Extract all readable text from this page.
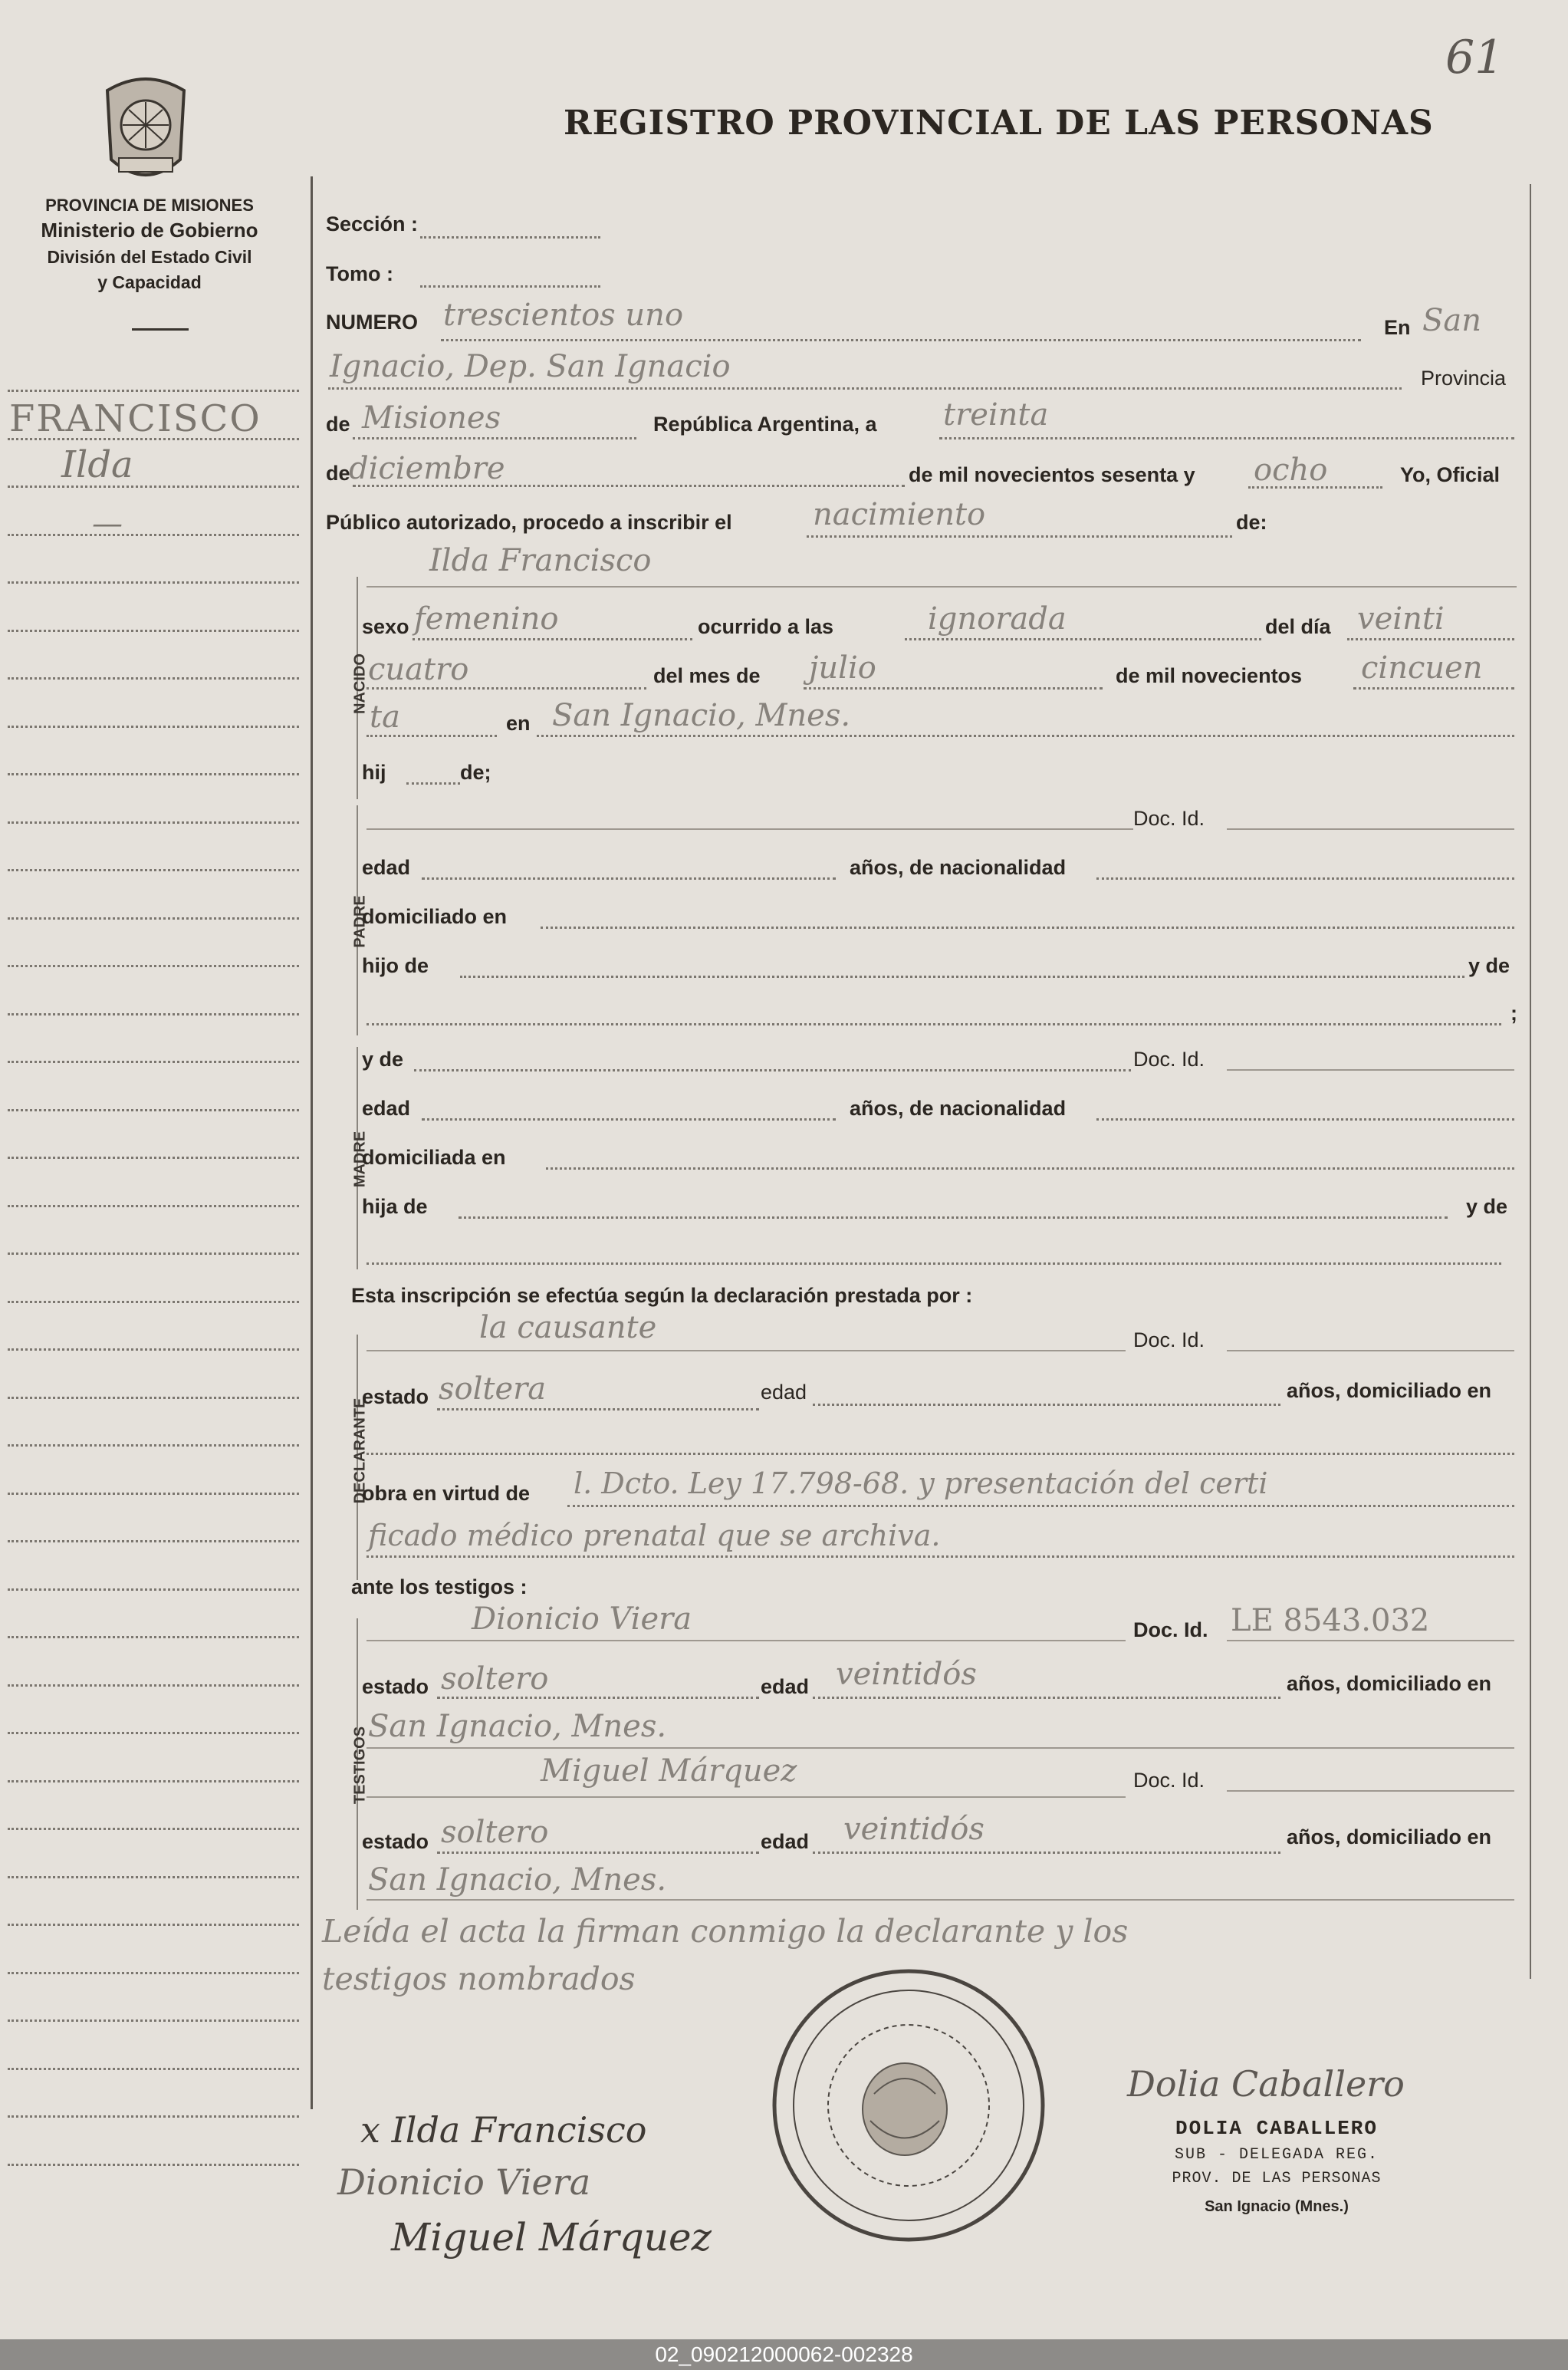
61
PROVINCIA DE MISIONES
Ministerio de Gobierno
División del Estado Civil
y Capacidad
REGISTRO PROVINCIAL DE LAS PERSONAS
FRANCISCO
Ilda
—
Sección :
Tomo :
NUMERO trescientos uno	En San
Ignacio, Dep. San Ignacio	Provincia
de Misiones	República Argentina, a treinta
de
diciembre	de mil novecientos sesenta y ocho	Yo, Oficial
Público autorizado, procedo a inscribir el	nacimiento	de:
NACIDO
Ilda Francisco
sexo femenino	ocurrido a las	ignorada	del día veinti
cuatro	del mes de julio	de mil novecientos cincuen
ta	en San Ignacio, Mnes.
hij	de;
PADRE
Doc. Id.
edad	años, de nacionalidad
domiciliado en
hijo de	y de
;
MADRE
y de	Doc. Id.
edad	años, de nacionalidad
domiciliada en
hija de	y de
Esta inscripción se efectúa según la declaración prestada por :
DECLARANTE
la causante	Doc. Id.
estado soltera	edad	años, domiciliado en
obra en virtud de l. Dcto. Ley 17.798-68. y presentación del certi
ficado médico prenatal que se archiva.
ante los testigos :
TESTIGOS
Dionicio Viera	Doc. Id. LE 8543.032
estado soltero	edad veintidós	años, domiciliado en
San Ignacio, Mnes.
Miguel Márquez	Doc. Id.
estado soltero	edad veintidós	años, domiciliado en
San Ignacio, Mnes.
Leída el acta la firman conmigo la declarante y los
testigos nombrados
x Ilda Francisco
Dionicio Viera
Miguel Márquez
Dolia Caballero
DOLIA CABALLERO
SUB - DELEGADA REG.
PROV. DE LAS PERSONAS
San Ignacio (Mnes.)
02_090212000062-002328
